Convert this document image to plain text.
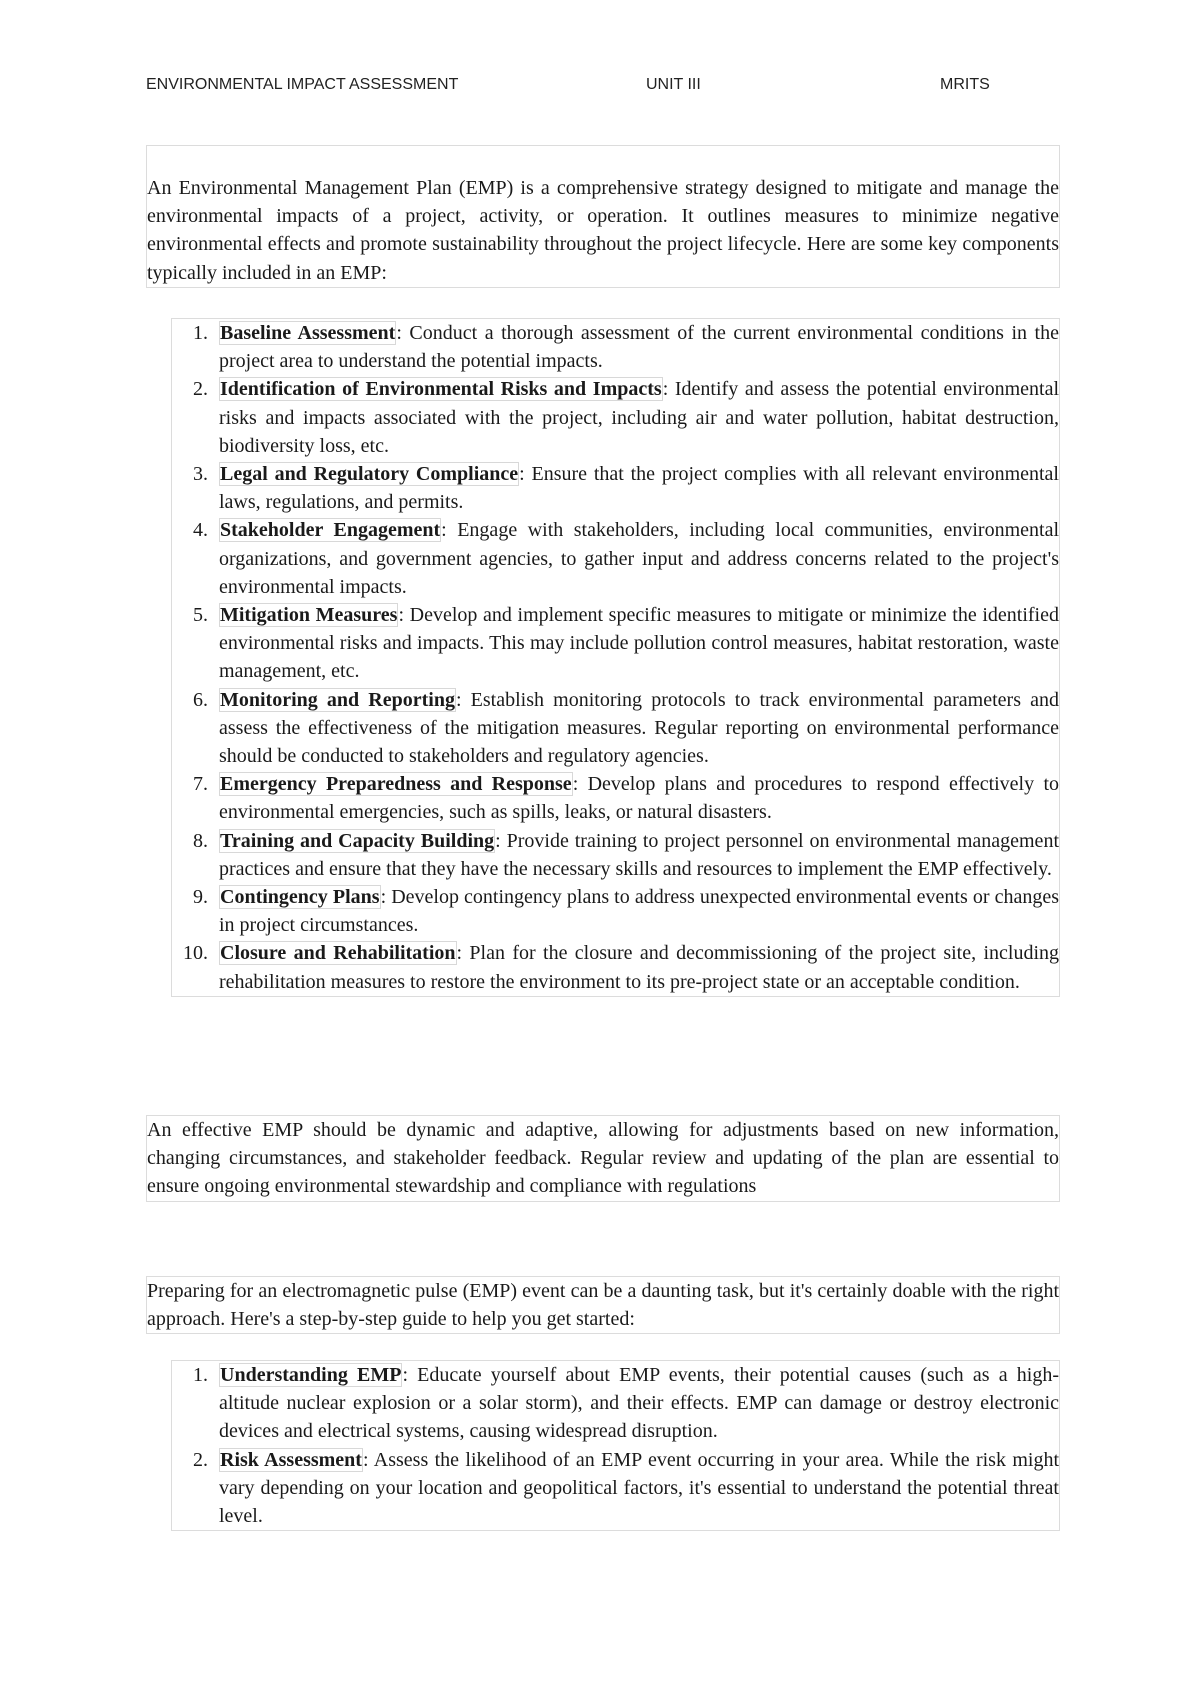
ENVIRONMENTAL IMPACT ASSESSMENT	UNIT III	MRITS

An Environmental Management Plan (EMP) is a comprehensive strategy designed to mitigate and manage the environmental impacts of a project, activity, or operation. It outlines measures to minimize negative environmental effects and promote sustainability throughout the project lifecycle. Here are some key components typically included in an EMP:

1. Baseline Assessment: Conduct a thorough assessment of the current environmental conditions in the project area to understand the potential impacts.
2. Identification of Environmental Risks and Impacts: Identify and assess the potential environmental risks and impacts associated with the project, including air and water pollution, habitat destruction, biodiversity loss, etc.
3. Legal and Regulatory Compliance: Ensure that the project complies with all relevant environmental laws, regulations, and permits.
4. Stakeholder Engagement: Engage with stakeholders, including local communities, environmental organizations, and government agencies, to gather input and address concerns related to the project's environmental impacts.
5. Mitigation Measures: Develop and implement specific measures to mitigate or minimize the identified environmental risks and impacts. This may include pollution control measures, habitat restoration, waste management, etc.
6. Monitoring and Reporting: Establish monitoring protocols to track environmental parameters and assess the effectiveness of the mitigation measures. Regular reporting on environmental performance should be conducted to stakeholders and regulatory agencies.
7. Emergency Preparedness and Response: Develop plans and procedures to respond effectively to environmental emergencies, such as spills, leaks, or natural disasters.
8. Training and Capacity Building: Provide training to project personnel on environmental management practices and ensure that they have the necessary skills and resources to implement the EMP effectively.
9. Contingency Plans: Develop contingency plans to address unexpected environmental events or changes in project circumstances.
10. Closure and Rehabilitation: Plan for the closure and decommissioning of the project site, including rehabilitation measures to restore the environment to its pre-project state or an acceptable condition.

An effective EMP should be dynamic and adaptive, allowing for adjustments based on new information, changing circumstances, and stakeholder feedback. Regular review and updating of the plan are essential to ensure ongoing environmental stewardship and compliance with regulations

Preparing for an electromagnetic pulse (EMP) event can be a daunting task, but it's certainly doable with the right approach. Here's a step-by-step guide to help you get started:

1. Understanding EMP: Educate yourself about EMP events, their potential causes (such as a high-altitude nuclear explosion or a solar storm), and their effects. EMP can damage or destroy electronic devices and electrical systems, causing widespread disruption.
2. Risk Assessment: Assess the likelihood of an EMP event occurring in your area. While the risk might vary depending on your location and geopolitical factors, it's essential to understand the potential threat level.
